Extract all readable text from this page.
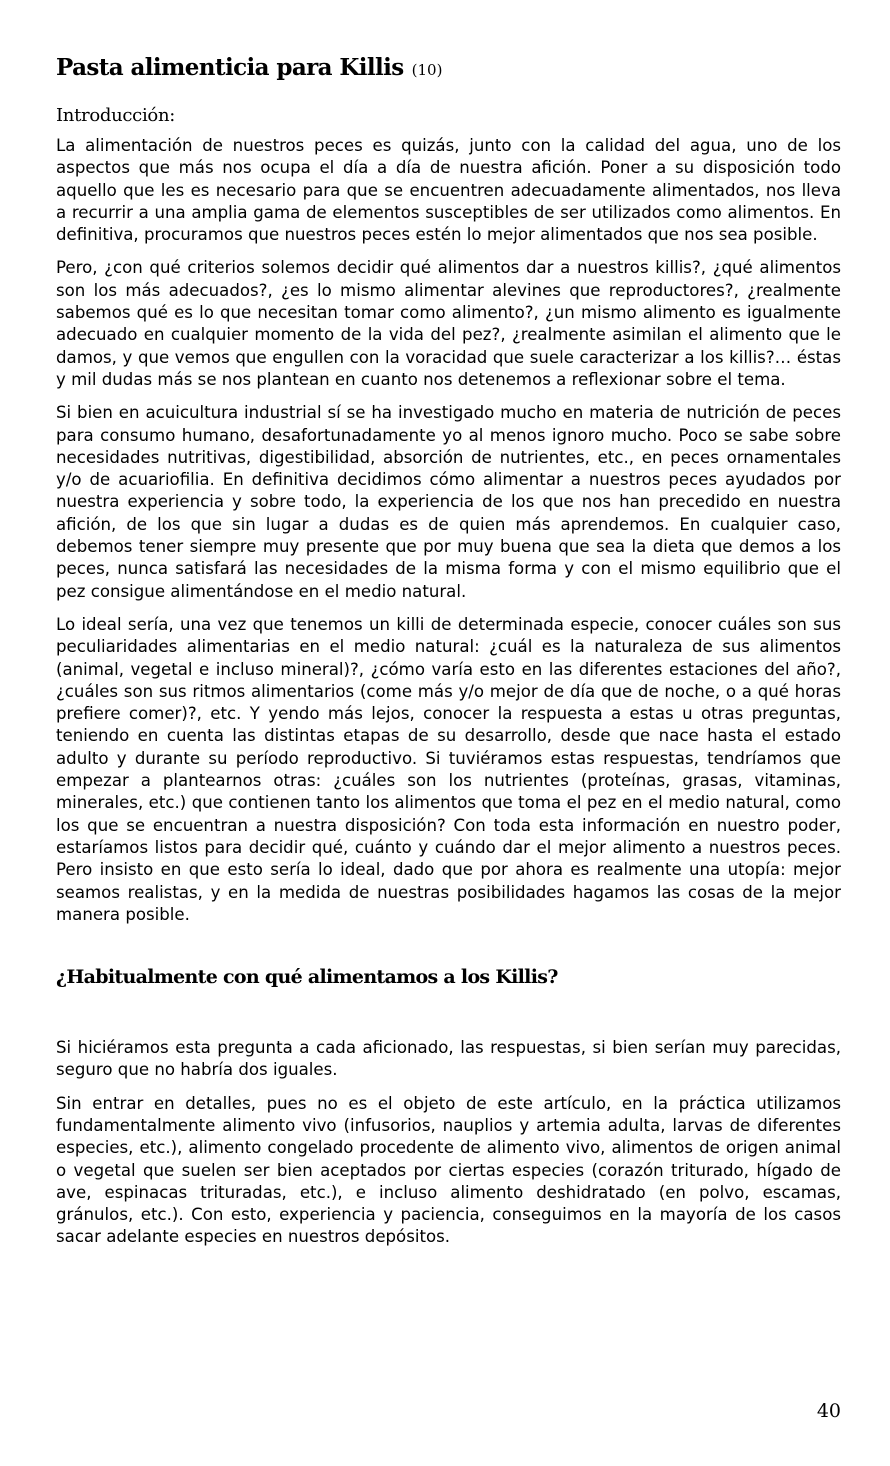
Pasta alimenticia para Killis (10)

Introducción:

La alimentación de nuestros peces es quizás, junto con la calidad del agua, uno de los aspectos que más nos ocupa el día a día de nuestra afición. Poner a su disposición todo aquello que les es necesario para que se encuentren adecuadamente alimentados, nos lleva a recurrir a una amplia gama de elementos susceptibles de ser utilizados como alimentos. En definitiva, procuramos que nuestros peces estén lo mejor alimentados que nos sea posible.

Pero, ¿con qué criterios solemos decidir qué alimentos dar a nuestros killis?, ¿qué alimentos son los más adecuados?, ¿es lo mismo alimentar alevines que reproductores?, ¿realmente sabemos qué es lo que necesitan tomar como alimento?, ¿un mismo alimento es igualmente adecuado en cualquier momento de la vida del pez?, ¿realmente asimilan el alimento que le damos, y que vemos que engullen con la voracidad que suele caracterizar a los killis?… éstas y mil dudas más se nos plantean en cuanto nos detenemos a reflexionar sobre el tema.

Si bien en acuicultura industrial sí se ha investigado mucho en materia de nutrición de peces para consumo humano, desafortunadamente yo al menos ignoro mucho. Poco se sabe sobre necesidades nutritivas, digestibilidad, absorción de nutrientes, etc., en peces ornamentales y/o de acuariofilia. En definitiva decidimos cómo alimentar a nuestros peces ayudados por nuestra experiencia y sobre todo, la experiencia de los que nos han precedido en nuestra afición, de los que sin lugar a dudas es de quien más aprendemos. En cualquier caso, debemos tener siempre muy presente que por muy buena que sea la dieta que demos a los peces, nunca satisfará las necesidades de la misma forma y con el mismo equilibrio que el pez consigue alimentándose en el medio natural.

Lo ideal sería, una vez que tenemos un killi de determinada especie, conocer cuáles son sus peculiaridades alimentarias en el medio natural: ¿cuál es la naturaleza de sus alimentos (animal, vegetal e incluso mineral)?, ¿cómo varía esto en las diferentes estaciones del año?, ¿cuáles son sus ritmos alimentarios (come más y/o mejor de día que de noche, o a qué horas prefiere comer)?, etc. Y yendo más lejos, conocer la respuesta a estas u otras preguntas, teniendo en cuenta las distintas etapas de su desarrollo, desde que nace hasta el estado adulto y durante su período reproductivo. Si tuviéramos estas respuestas, tendríamos que empezar a plantearnos otras: ¿cuáles son los nutrientes (proteínas, grasas, vitaminas, minerales, etc.) que contienen tanto los alimentos que toma el pez en el medio natural, como los que se encuentran a nuestra disposición? Con toda esta información en nuestro poder, estaríamos listos para decidir qué, cuánto y cuándo dar el mejor alimento a nuestros peces. Pero insisto en que esto sería lo ideal, dado que por ahora es realmente una utopía: mejor seamos realistas, y en la medida de nuestras posibilidades hagamos las cosas de la mejor manera posible.

¿Habitualmente con qué alimentamos a los Killis?

Si hiciéramos esta pregunta a cada aficionado, las respuestas, si bien serían muy parecidas, seguro que no habría dos iguales.

Sin entrar en detalles, pues no es el objeto de este artículo, en la práctica utilizamos fundamentalmente alimento vivo (infusorios, nauplios y artemia adulta, larvas de diferentes especies, etc.), alimento congelado procedente de alimento vivo, alimentos de origen animal o vegetal que suelen ser bien aceptados por ciertas especies (corazón triturado, hígado de ave, espinacas trituradas, etc.), e incluso alimento deshidratado (en polvo, escamas, gránulos, etc.). Con esto, experiencia y paciencia, conseguimos en la mayoría de los casos sacar adelante especies en nuestros depósitos.

40
